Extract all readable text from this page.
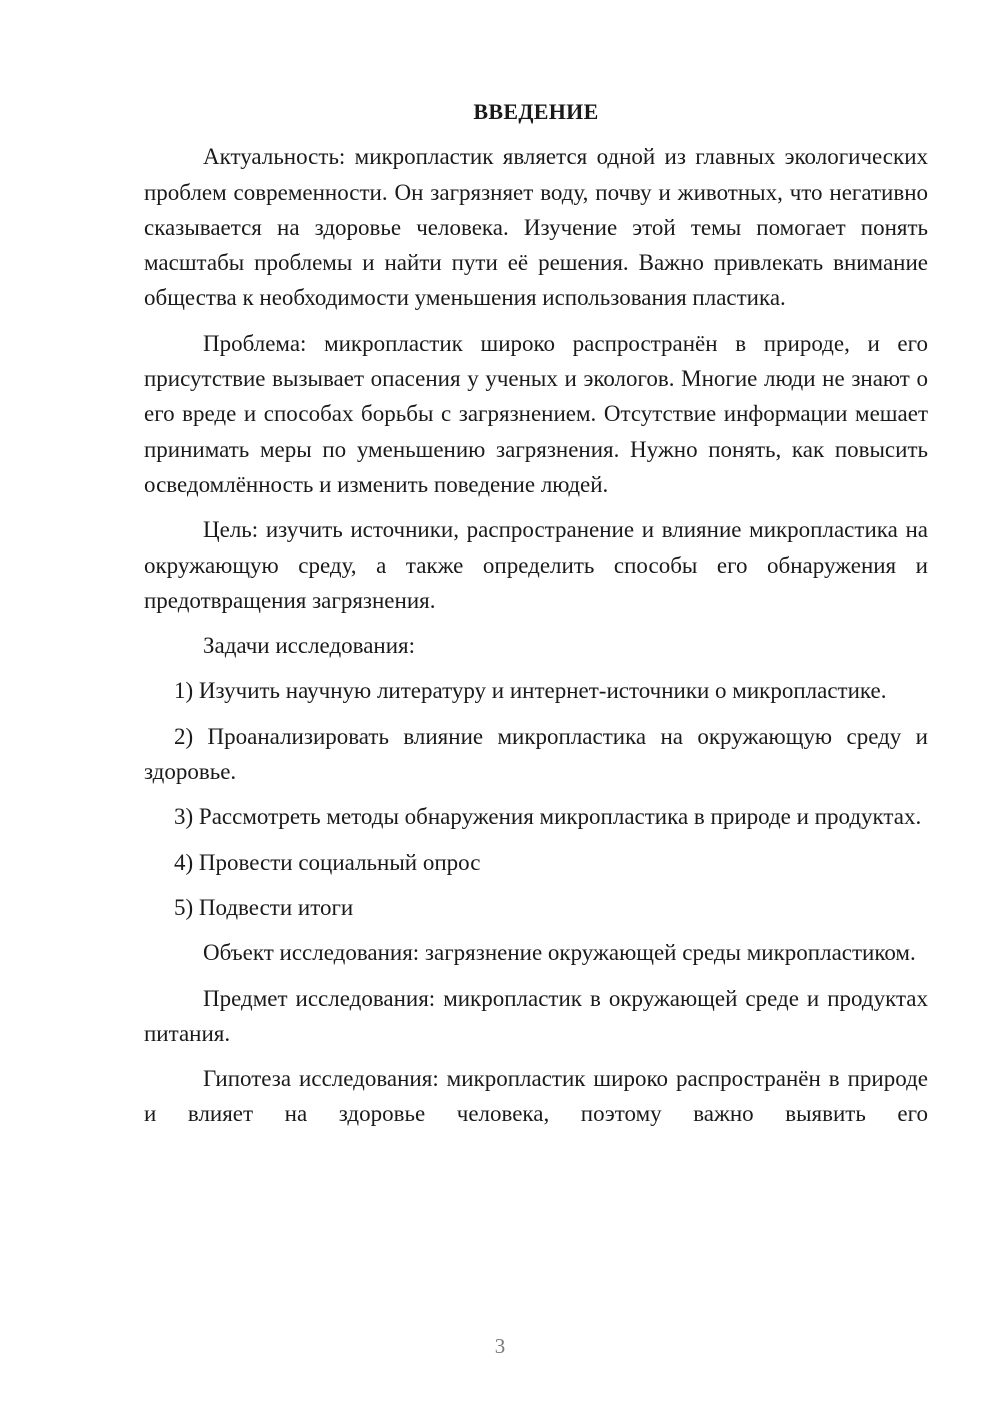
ВВЕДЕНИЕ

Актуальность: микропластик является одной из главных экологических проблем современности. Он загрязняет воду, почву и животных, что негативно сказывается на здоровье человека. Изучение этой темы помогает понять масштабы проблемы и найти пути её решения. Важно привлекать внимание общества к необходимости уменьшения использования пластика.

Проблема: микропластик широко распространён в природе, и его присутствие вызывает опасения у ученых и экологов. Многие люди не знают о его вреде и способах борьбы с загрязнением. Отсутствие информации мешает принимать меры по уменьшению загрязнения. Нужно понять, как повысить осведомлённость и изменить поведение людей.

Цель: изучить источники, распространение и влияние микропластика на окружающую среду, а также определить способы его обнаружения и предотвращения загрязнения.

Задачи исследования:

1) Изучить научную литературу и интернет-источники о микропластике.

2) Проанализировать влияние микропластика на окружающую среду и здоровье.

3) Рассмотреть методы обнаружения микропластика в природе и продуктах.

4) Провести социальный опрос

5) Подвести итоги

Объект исследования: загрязнение окружающей среды микропластиком.

Предмет исследования: микропластик в окружающей среде и продуктах питания.

Гипотеза исследования: микропластик широко распространён в природе и влияет на здоровье человека, поэтому важно выявить его

3
